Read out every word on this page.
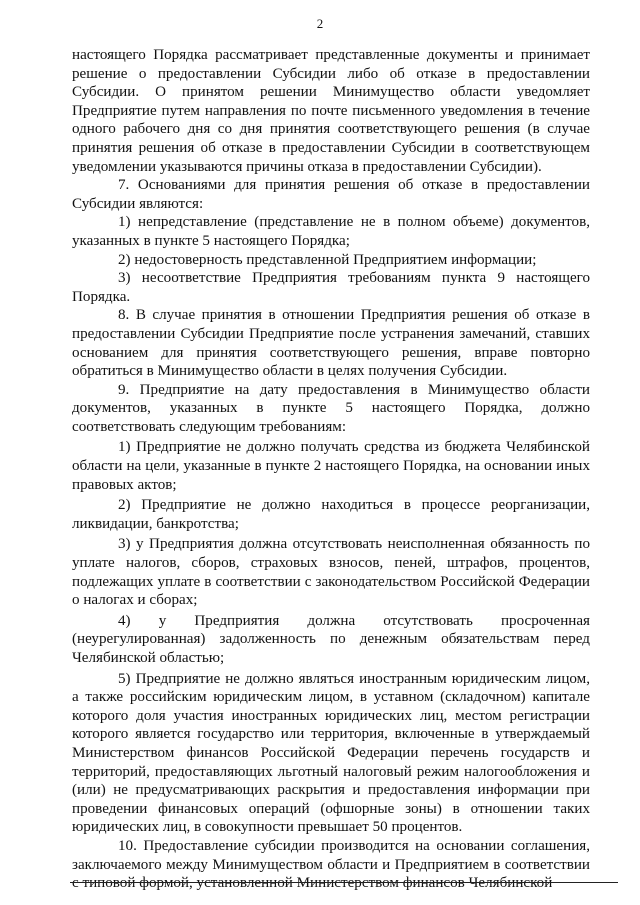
2

настоящего Порядка рассматривает представленные документы и принимает решение о предоставлении Субсидии либо об отказе в предоставлении Субсидии. О принятом решении Минимущество области уведомляет Предприятие путем направления по почте письменного уведомления в течение одного рабочего дня со дня принятия соответствующего решения (в случае принятия решения об отказе в предоставлении Субсидии в соответствующем уведомлении указываются причины отказа в предоставлении Субсидии).

7. Основаниями для принятия решения об отказе в предоставлении Субсидии являются:

1) непредставление (представление не в полном объеме) документов, указанных в пункте 5 настоящего Порядка;

2) недостоверность представленной Предприятием информации;

3) несоответствие Предприятия требованиям пункта 9 настоящего Порядка.

8. В случае принятия в отношении Предприятия решения об отказе в предоставлении Субсидии Предприятие после устранения замечаний, ставших основанием для принятия соответствующего решения, вправе повторно обратиться в Минимущество области в целях получения Субсидии.

9. Предприятие на дату предоставления в Минимущество области документов, указанных в пункте 5 настоящего Порядка, должно соответствовать следующим требованиям:

1) Предприятие не должно получать средства из бюджета Челябинской области на цели, указанные в пункте 2 настоящего Порядка, на основании иных правовых актов;

2) Предприятие не должно находиться в процессе реорганизации, ликвидации, банкротства;

3) у Предприятия должна отсутствовать неисполненная обязанность по уплате налогов, сборов, страховых взносов, пеней, штрафов, процентов, подлежащих уплате в соответствии с законодательством Российской Федерации о налогах и сборах;

4) у Предприятия должна отсутствовать просроченная (неурегулированная) задолженность по денежным обязательствам перед Челябинской областью;

5) Предприятие не должно являться иностранным юридическим лицом, а также российским юридическим лицом, в уставном (складочном) капитале которого доля участия иностранных юридических лиц, местом регистрации которого является государство или территория, включенные в утверждаемый Министерством финансов Российской Федерации перечень государств и территорий, предоставляющих льготный налоговый режим налогообложения и (или) не предусматривающих раскрытия и предоставления информации при проведении финансовых операций (офшорные зоны) в отношении таких юридических лиц, в совокупности превышает 50 процентов.

10. Предоставление субсидии производится на основании соглашения, заключаемого между Минимуществом области и Предприятием в соответствии с типовой формой, установленной Министерством финансов Челябинской
